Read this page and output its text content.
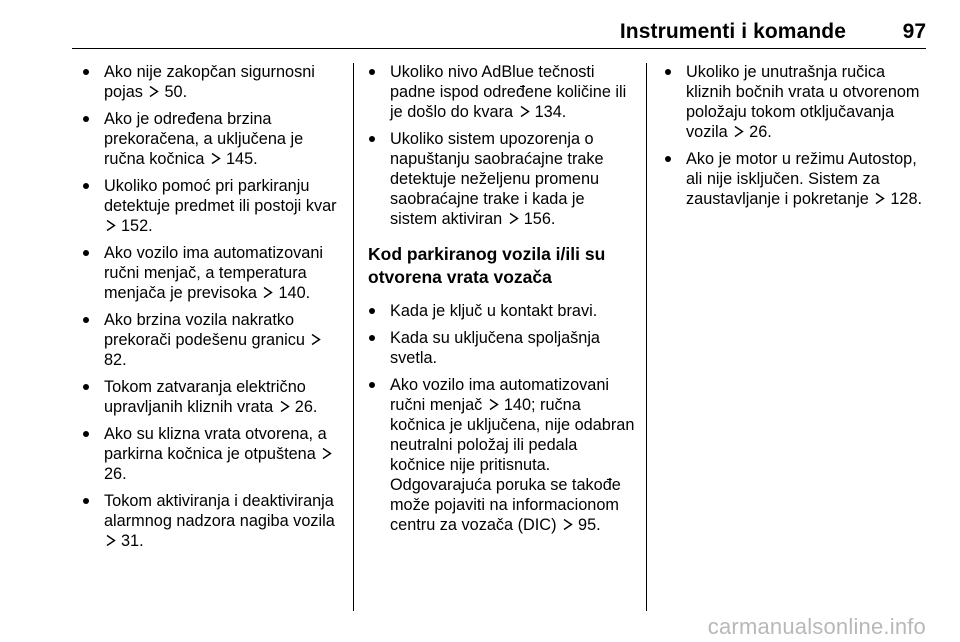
Instrumenti i komande	97
Ako nije zakopčan sigurnosni pojas 50.
Ako je određena brzina prekoračena, a uključena je ručna kočnica 145.
Ukoliko pomoć pri parkiranju detektuje predmet ili postoji kvar
152.
Ako vozilo ima automatizovani ručni menjač, a temperatura menjača je previsoka 140.
Ako brzina vozila nakratko prekorači podešenu granicu
82.
Tokom zatvaranja električno upravljanih kliznih vrata 26.
Ako su klizna vrata otvorena, a parkirna kočnica je otpuštena
26.
Tokom aktiviranja i deaktiviranja alarmnog nadzora nagiba vozila
31.
Ukoliko nivo AdBlue tečnosti padne ispod određene količine ili je došlo do kvara 134.
Ukoliko sistem upozorenja o napuštanju saobraćajne trake detektuje neželjenu promenu saobraćajne trake i kada je sistem aktiviran 156.
Kod parkiranog vozila i/ili su otvorena vrata vozača
Kada je ključ u kontakt bravi.
Kada su uključena spoljašnja svetla.
Ako vozilo ima automatizovani ručni menjač 140; ručna kočnica je uključena, nije odabran neutralni položaj ili pedala kočnice nije pritisnuta. Odgovarajuća poruka se takođe može pojaviti na informacionom centru za vozača (DIC) 95.
Ukoliko je unutrašnja ručica kliznih bočnih vrata u otvorenom položaju tokom otključavanja vozila 26.
Ako je motor u režimu Autostop, ali nije isključen. Sistem za zaustavljanje i pokretanje 128.
carmanualsonline.info
